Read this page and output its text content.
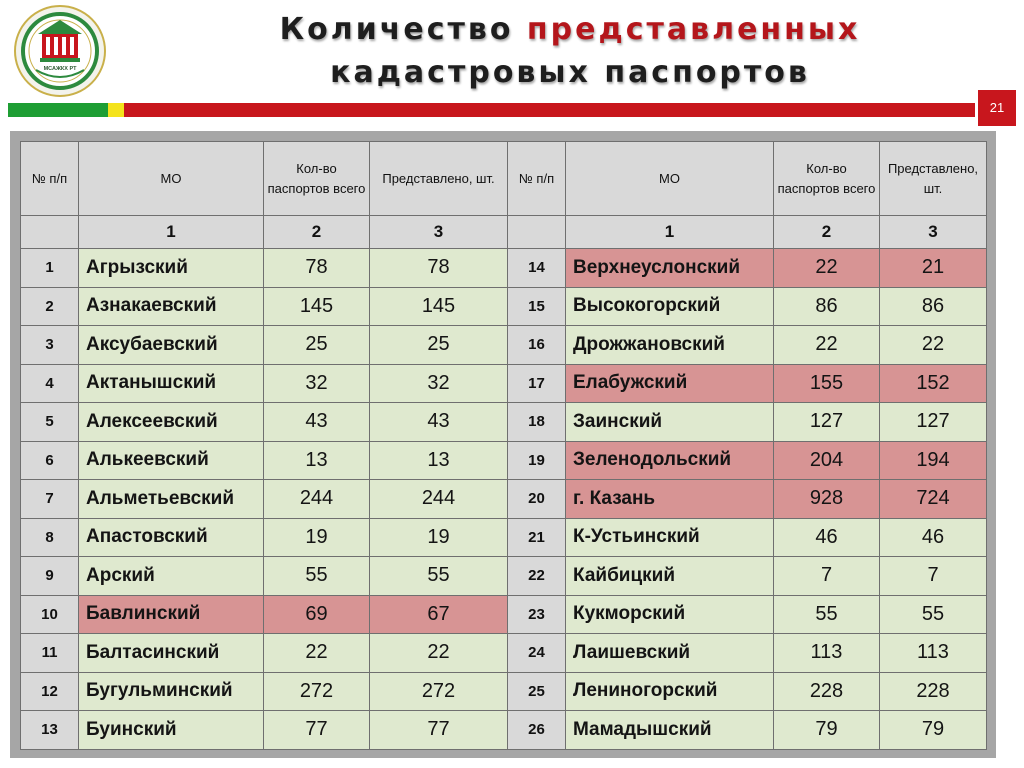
МСАЖКХ РТ
Количество представленных
кадастровых паспортов
21
№ п/п	МО	Кол-во паспортов всего	Представлено, шт.	№ п/п	МО	Кол-во паспортов всего	Представлено, шт.
	1	2	3		1	2	3
1	Агрызский	78	78	14	Верхнеуслонский	22	21
2	Азнакаевский	145	145	15	Высокогорский	86	86
3	Аксубаевский	25	25	16	Дрожжановский	22	22
4	Актанышский	32	32	17	Елабужский	155	152
5	Алексеевский	43	43	18	Заинский	127	127
6	Алькеевский	13	13	19	Зеленодольский	204	194
7	Альметьевский	244	244	20	г. Казань	928	724
8	Апастовский	19	19	21	К-Устьинский	46	46
9	Арский	55	55	22	Кайбицкий	7	7
10	Бавлинский	69	67	23	Кукморский	55	55
11	Балтасинский	22	22	24	Лаишевский	113	113
12	Бугульминский	272	272	25	Лениногорский	228	228
13	Буинский	77	77	26	Мамадышский	79	79
